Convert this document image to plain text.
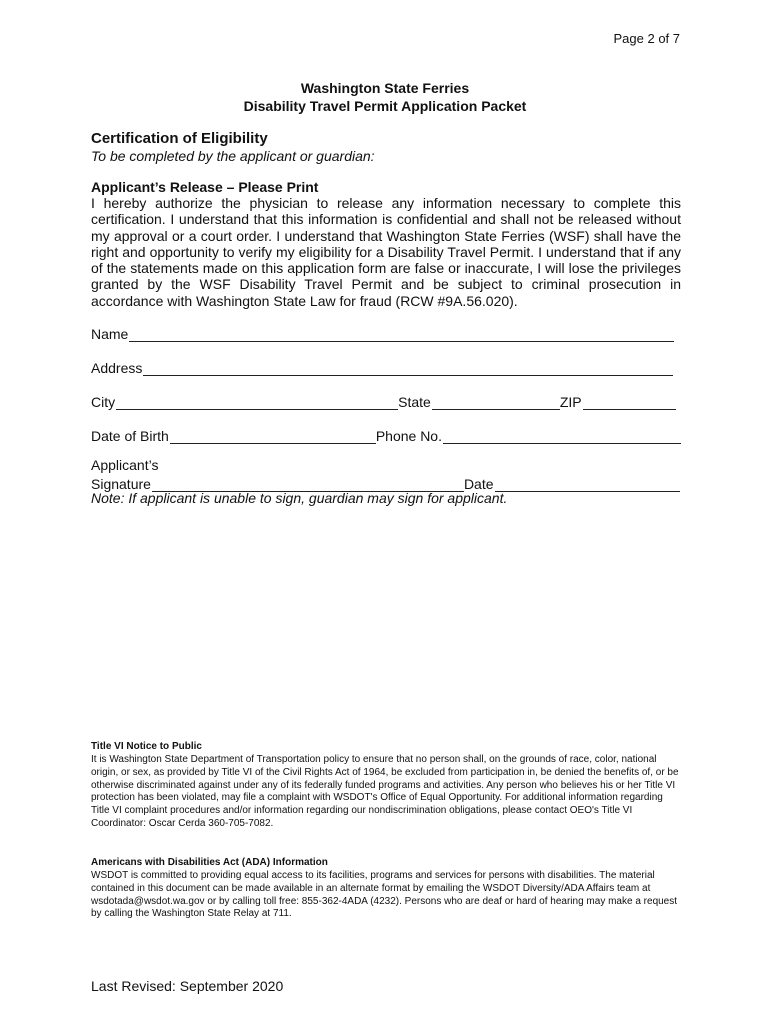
Page 2 of 7
Washington State Ferries
Disability Travel Permit Application Packet
Certification of Eligibility
To be completed by the applicant or guardian:
Applicant’s Release – Please Print
I hereby authorize the physician to release any information necessary to complete this certification. I understand that this information is confidential and shall not be released without my approval or a court order. I understand that Washington State Ferries (WSF) shall have the right and opportunity to verify my eligibility for a Disability Travel Permit. I understand that if any of the statements made on this application form are false or inaccurate, I will lose the privileges granted by the WSF Disability Travel Permit and be subject to criminal prosecution in accordance with Washington State Law for fraud (RCW #9A.56.020).
Name
Address
City	State	ZIP
Date of Birth	Phone No.
Applicant’s
Signature	Date
Note: If applicant is unable to sign, guardian may sign for applicant.
Title VI Notice to Public
It is Washington State Department of Transportation policy to ensure that no person shall, on the grounds of race, color, national origin, or sex, as provided by Title VI of the Civil Rights Act of 1964, be excluded from participation in, be denied the benefits of, or be otherwise discriminated against under any of its federally funded programs and activities. Any person who believes his or her Title VI protection has been violated, may file a complaint with WSDOT's Office of Equal Opportunity. For additional information regarding Title VI complaint procedures and/or information regarding our nondiscrimination obligations, please contact OEO's Title VI Coordinator: Oscar Cerda 360-705-7082.
Americans with Disabilities Act (ADA) Information
WSDOT is committed to providing equal access to its facilities, programs and services for persons with disabilities. The material contained in this document can be made available in an alternate format by emailing the WSDOT Diversity/ADA Affairs team at wsdotada@wsdot.wa.gov or by calling toll free: 855-362-4ADA (4232). Persons who are deaf or hard of hearing may make a request by calling the Washington State Relay at 711.
Last Revised: September 2020
